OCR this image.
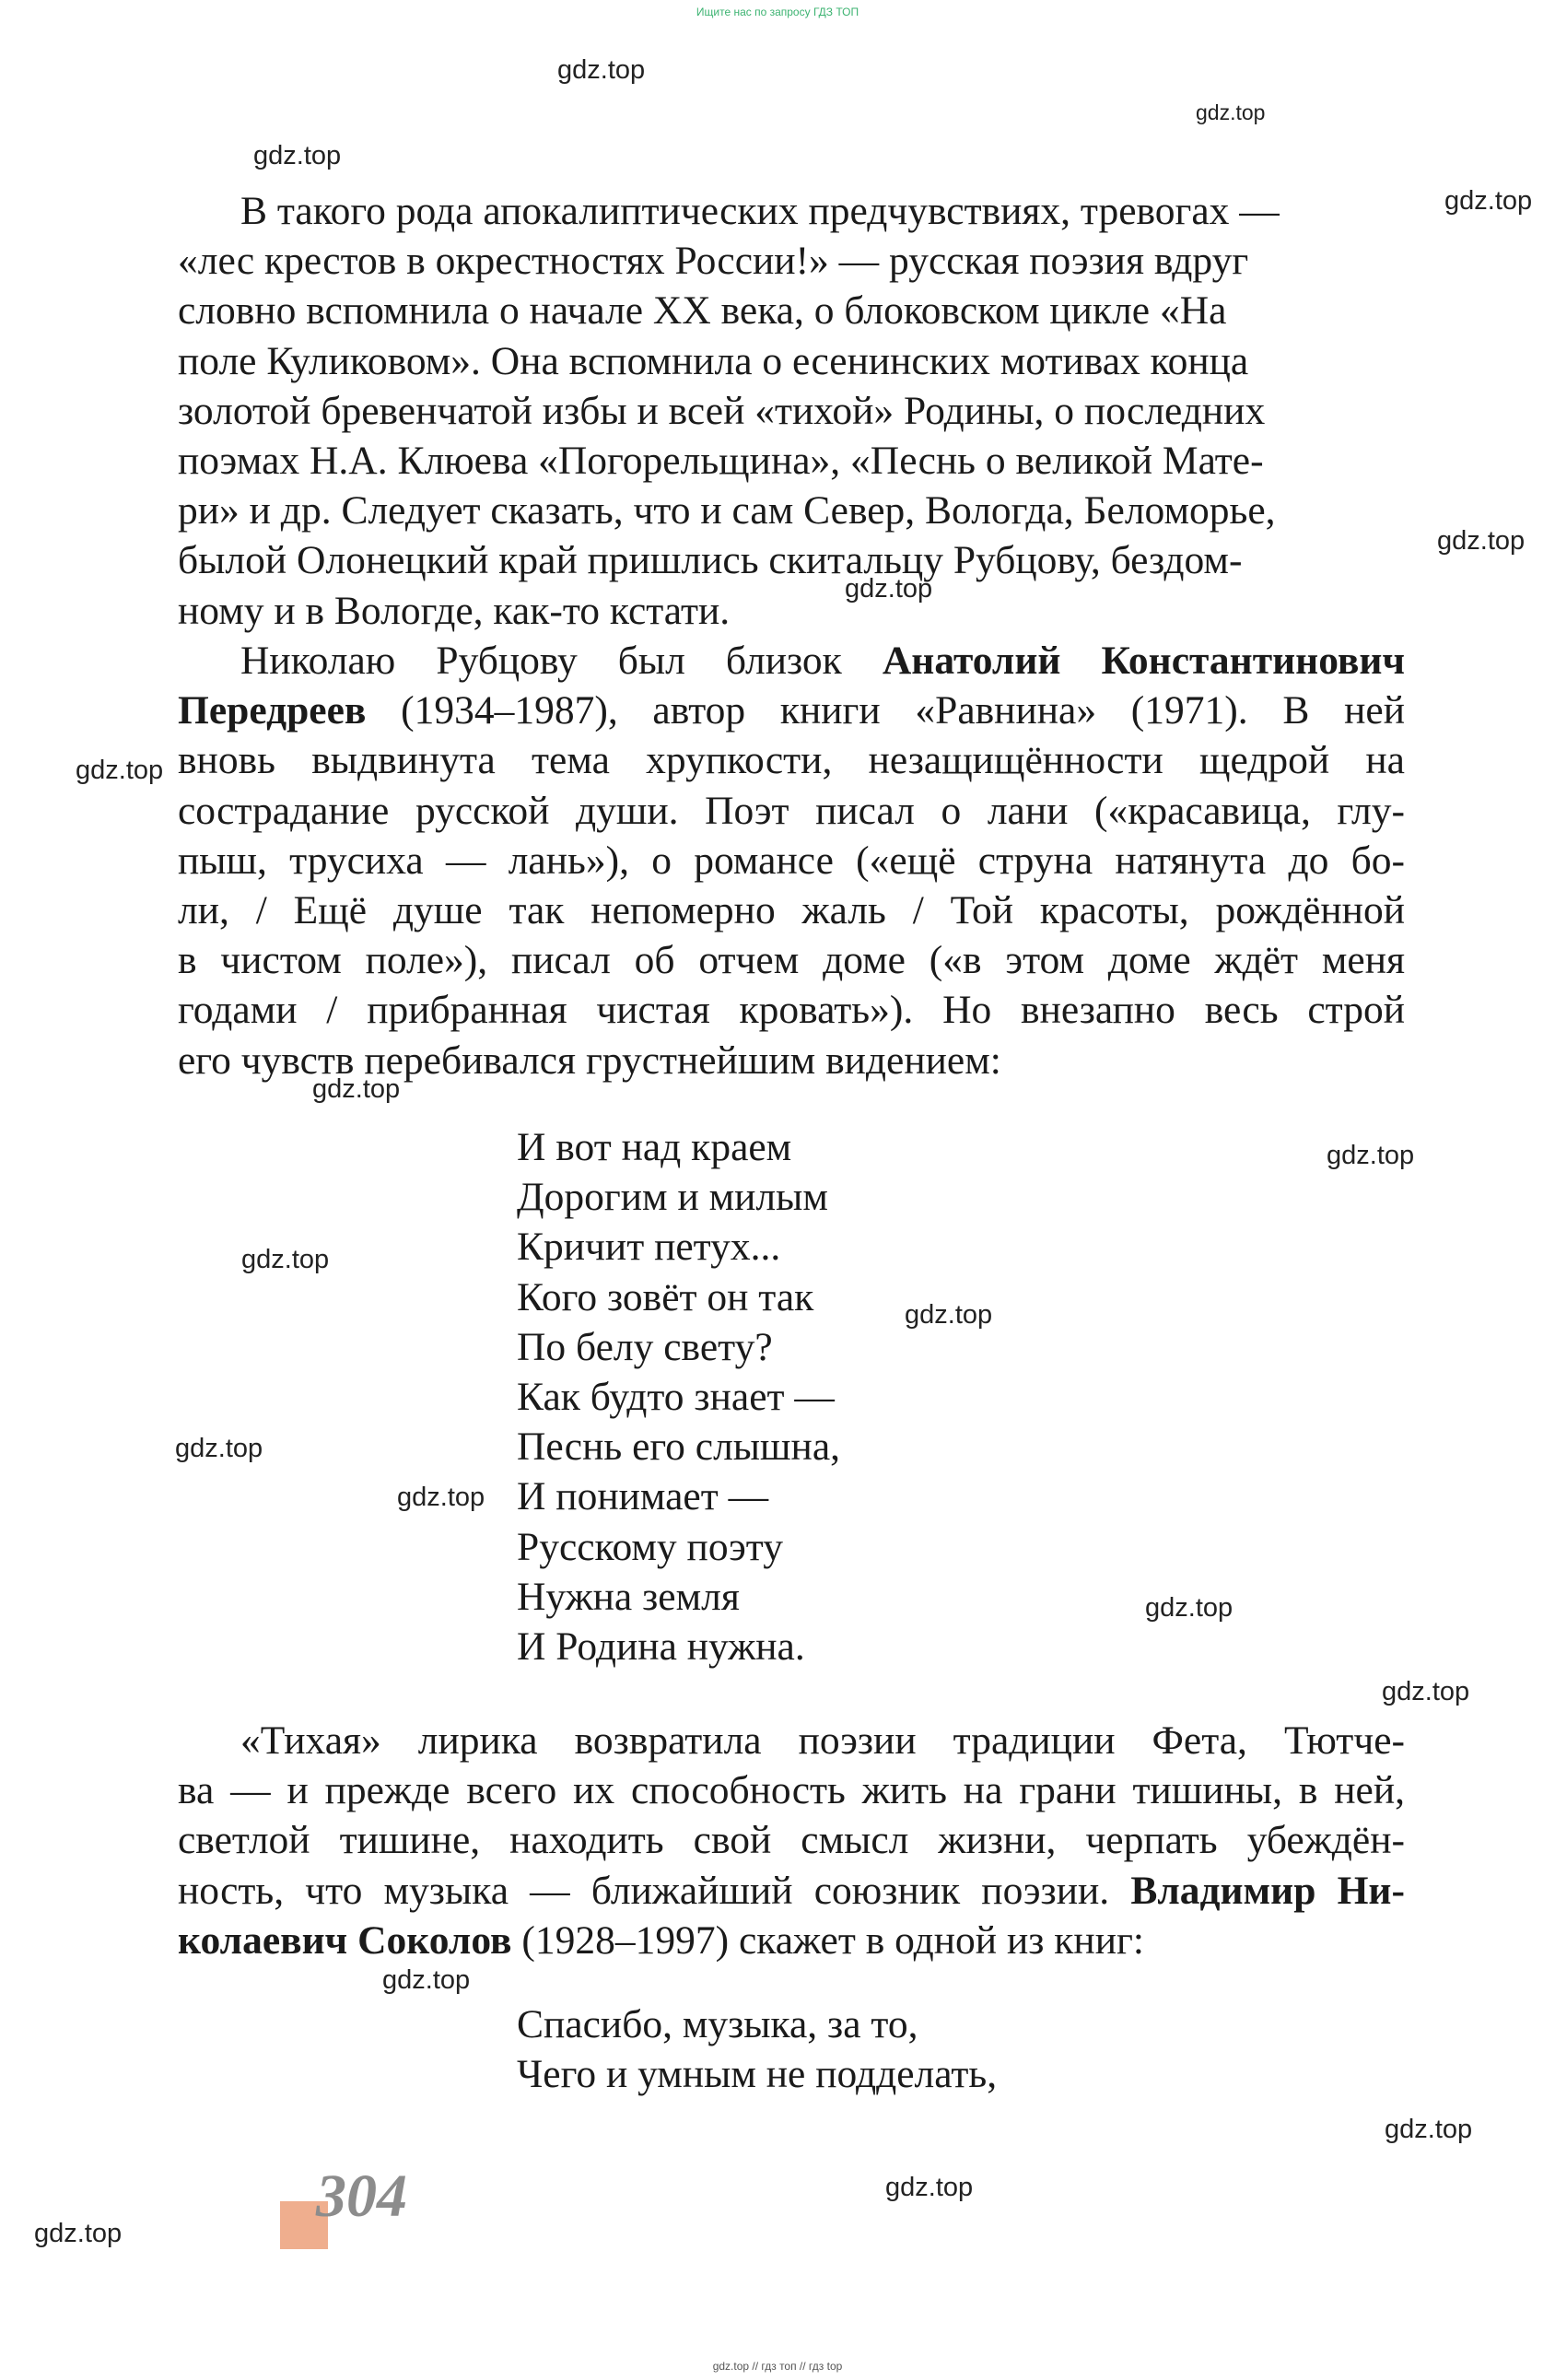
Ищите нас по запросу ГДЗ ТОП
gdz.top
gdz.top
gdz.top
gdz.top
gdz.top
gdz.top
gdz.top
gdz.top
gdz.top
gdz.top
gdz.top
gdz.top
gdz.top
gdz.top
gdz.top
gdz.top
gdz.top
gdz.top
gdz.top

В такого рода апокалиптических предчувствиях, тревогах —
«лес крестов в окрестностях России!» — русская поэзия вдруг
словно вспомнила о начале XX века, о блоковском цикле «На
поле Куликовом». Она вспомнила о есенинских мотивах конца
золотой бревенчатой избы и всей «тихой» Родины, о последних
поэмах Н.А. Клюева «Погорельщина», «Песнь о великой Мате-
ри» и др. Следует сказать, что и сам Север, Вологда, Беломорье,
былой Олонецкий край пришлись скитальцу Рубцову, бездом-
ному и в Вологде, как-то кстати.

Николаю Рубцову был близок Анатолий Константинович
Передреев (1934–1987), автор книги «Равнина» (1971). В ней
вновь выдвинута тема хрупкости, незащищённости щедрой на
сострадание русской души. Поэт писал о лани («красавица, глу-
пыш, трусиха — лань»), о романсе («ещё струна натянута до бо-
ли, / Ещё душе так непомерно жаль / Той красоты, рождённой
в чистом поле»), писал об отчем доме («в этом доме ждёт меня
годами / прибранная чистая кровать»). Но внезапно весь строй
его чувств перебивался грустнейшим видением:

И вот над краем
Дорогим и милым
Кричит петух...
Кого зовёт он так
По белу свету?
Как будто знает —
Песнь его слышна,
И понимает —
Русскому поэту
Нужна земля
И Родина нужна.

«Тихая» лирика возвратила поэзии традиции Фета, Тютче-
ва — и прежде всего их способность жить на грани тишины, в ней,
светлой тишине, находить свой смысл жизни, черпать убеждён-
ность, что музыка — ближайший союзник поэзии. Владимир Ни-
колаевич Соколов (1928–1997) скажет в одной из книг:

Спасибо, музыка, за то,
Чего и умным не подделать,
304
gdz.top // гдз топ // гдз top
